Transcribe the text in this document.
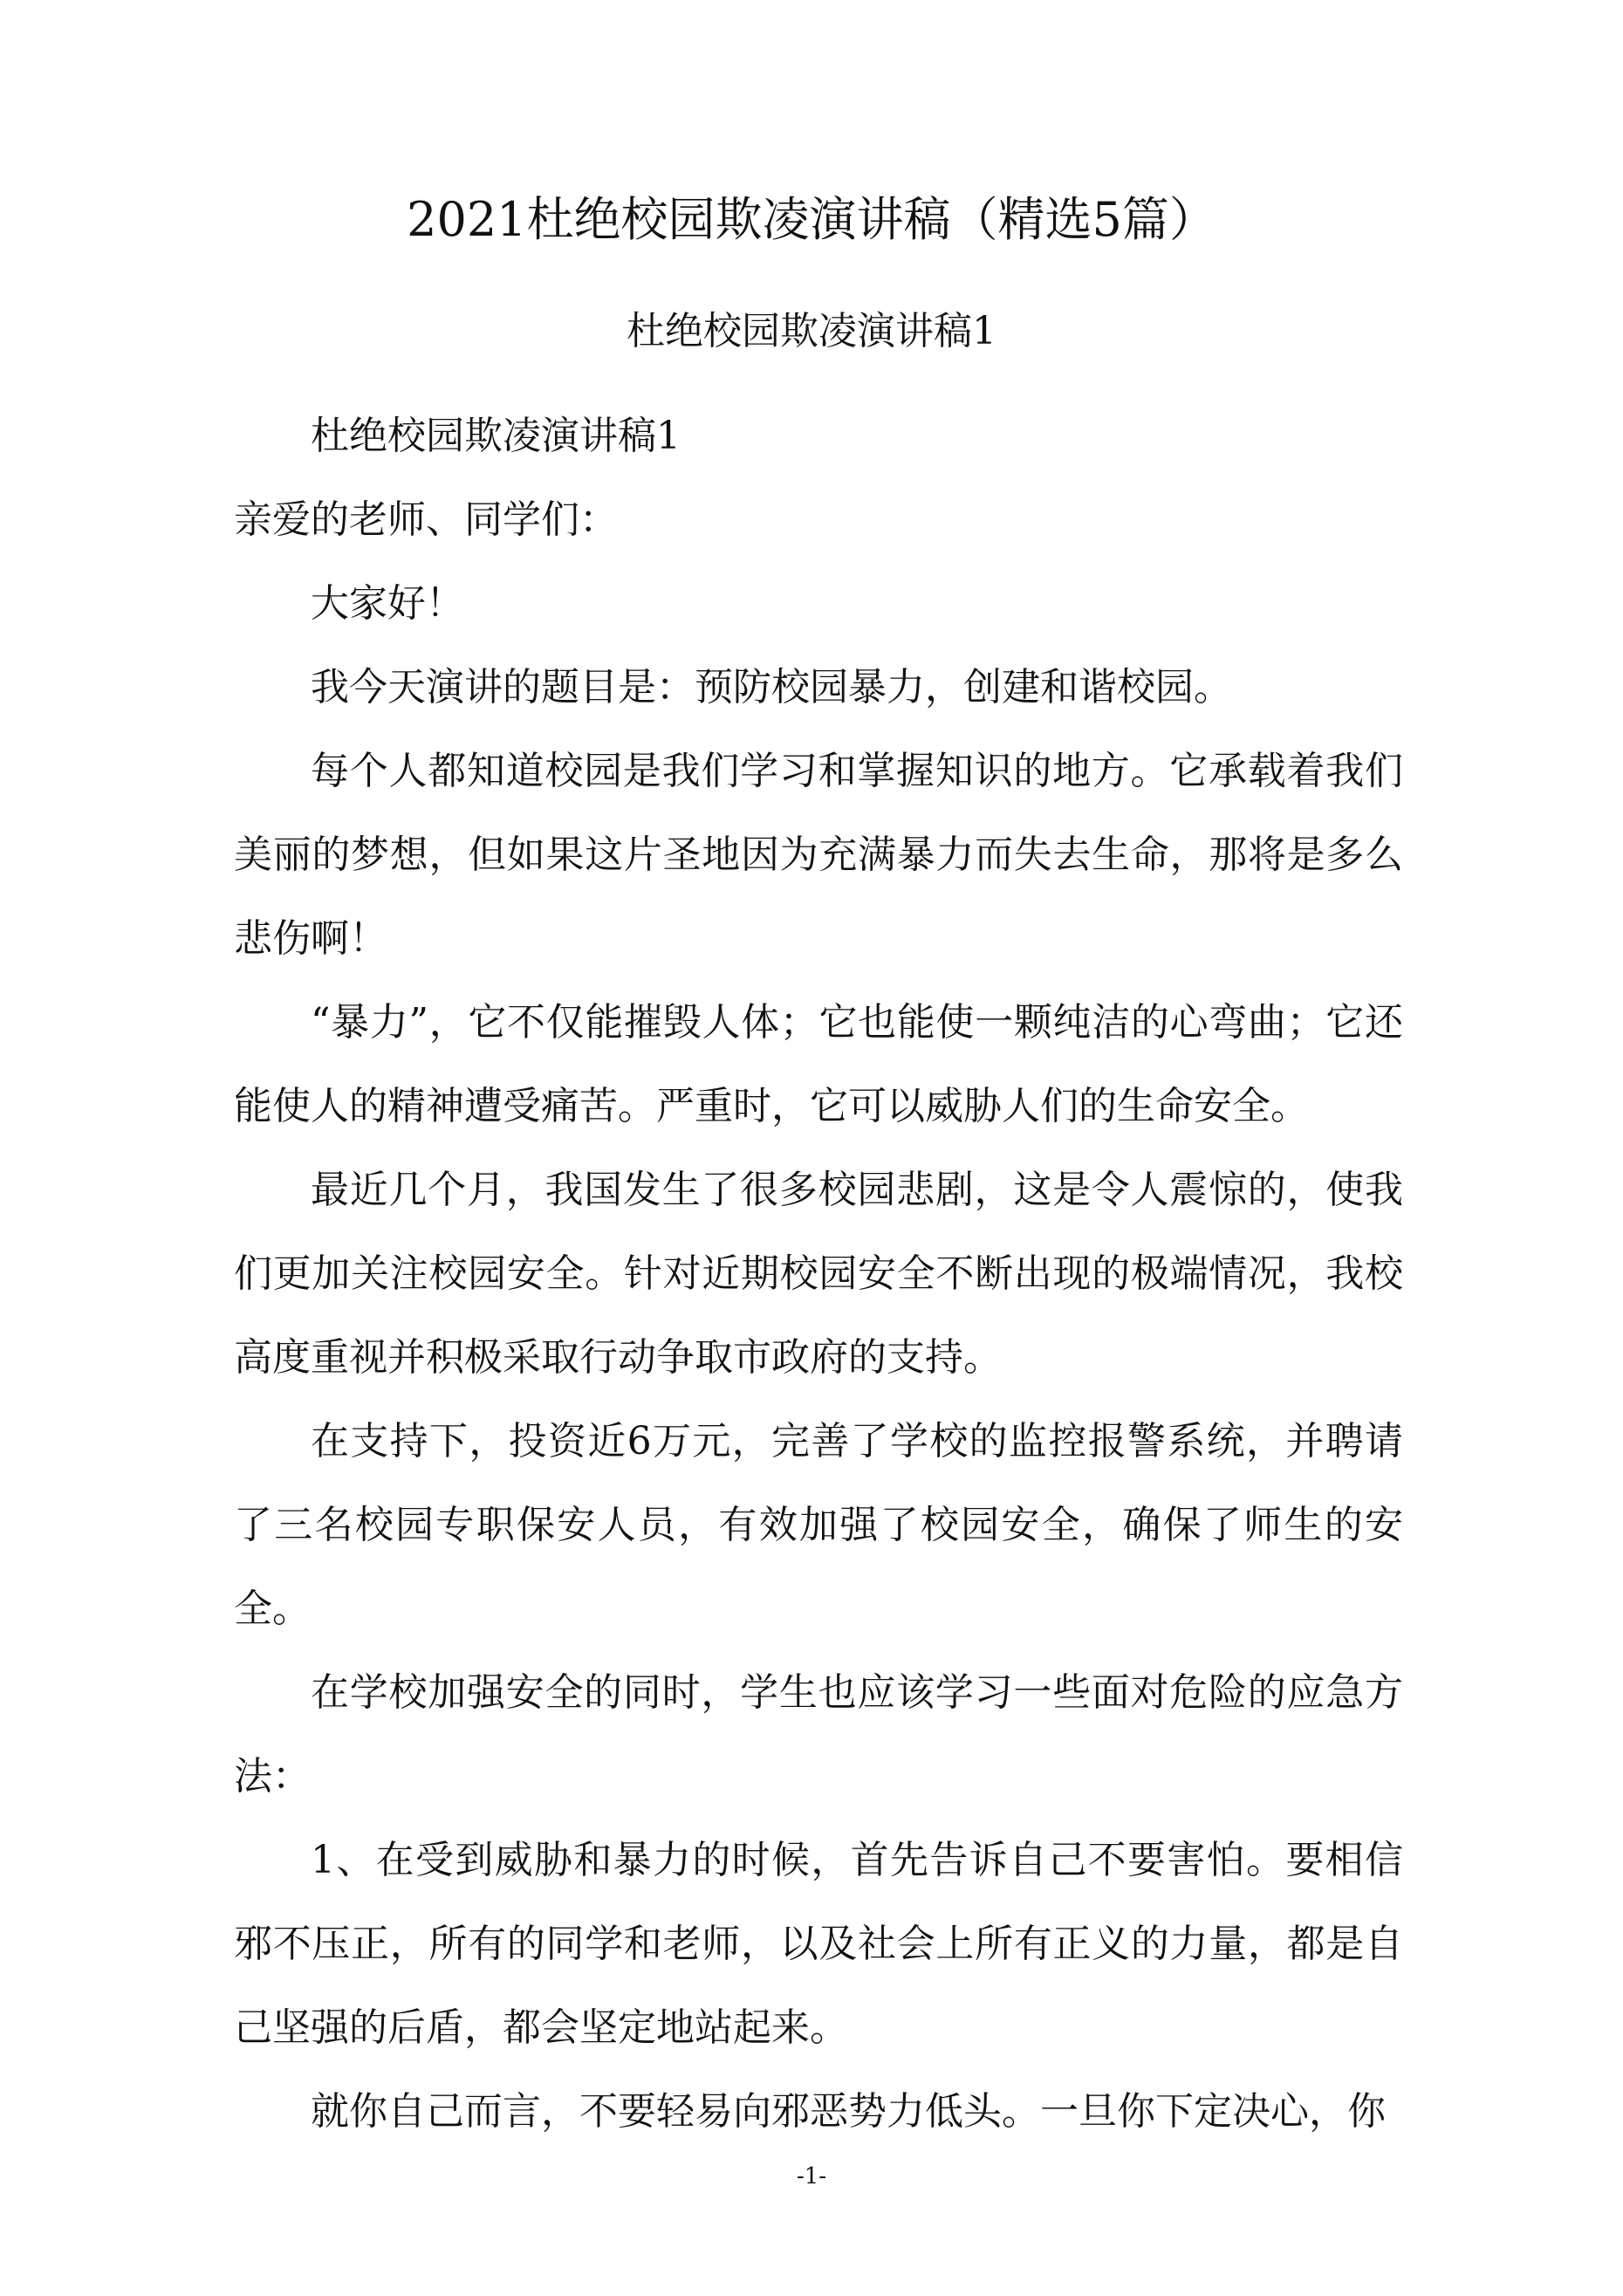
2021杜绝校园欺凌演讲稿（精选5篇）
杜绝校园欺凌演讲稿1

杜绝校园欺凌演讲稿1

亲爱的老师、同学们：

大家好！

我今天演讲的题目是：预防校园暴力，创建和谐校园。

每个人都知道校园是我们学习和掌握知识的地方。它承载着我们美丽的梦想，但如果这片圣地因为充满暴力而失去生命，那将是多么悲伤啊！

“暴力”，它不仅能摧毁人体；它也能使一颗纯洁的心弯曲；它还能使人的精神遭受痛苦。严重时，它可以威胁人们的生命安全。

最近几个月，我国发生了很多校园悲剧，这是令人震惊的，使我们更加关注校园安全。针对近期校园安全不断出现的极端情况，我校高度重视并积极采取行动争取市政府的支持。

在支持下，投资近6万元，完善了学校的监控报警系统，并聘请了三名校园专职保安人员，有效加强了校园安全，确保了师生的安全。

在学校加强安全的同时，学生也应该学习一些面对危险的应急方法：

1、在受到威胁和暴力的时候，首先告诉自己不要害怕。要相信邪不压正，所有的同学和老师，以及社会上所有正义的力量，都是自己坚强的后盾，都会坚定地站起来。

就你自己而言，不要轻易向邪恶势力低头。一旦你下定决心，你

-1-
